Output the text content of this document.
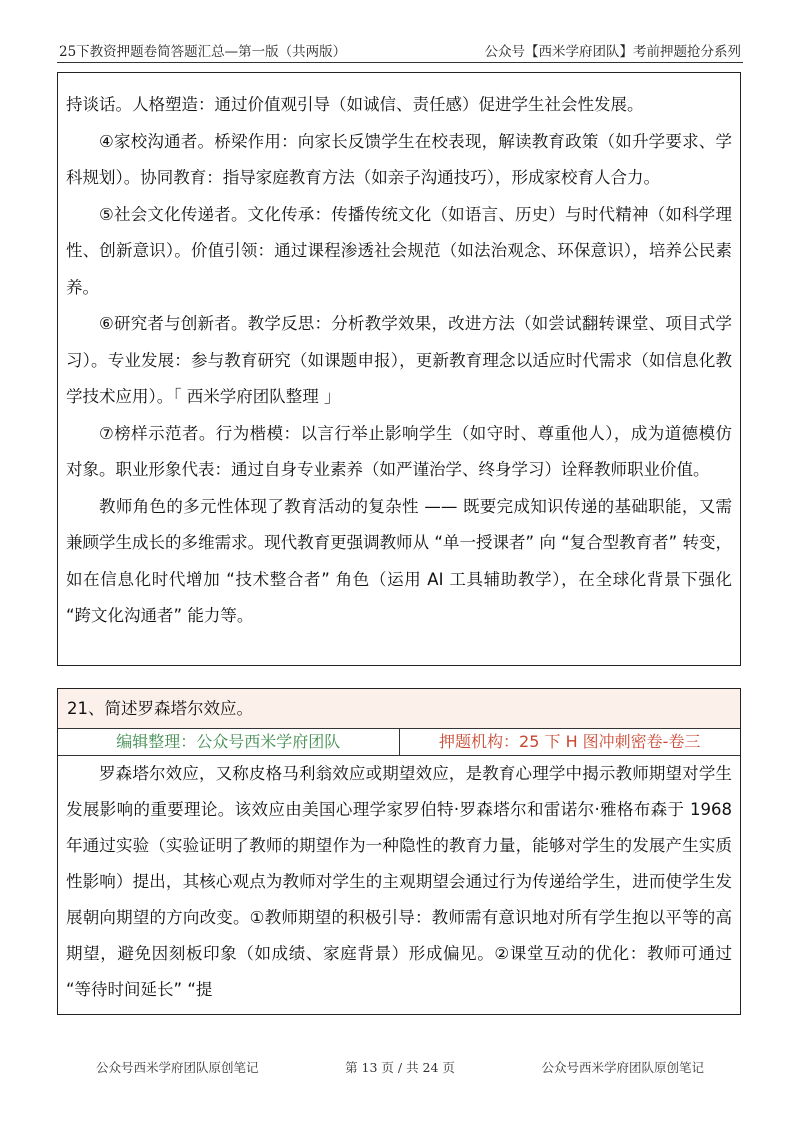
25下教资押题卷简答题汇总—第一版（共两版）	公众号【西米学府团队】考前押题抢分系列

持谈话。人格塑造：通过价值观引导（如诚信、责任感）促进学生社会性发展。

④家校沟通者。桥梁作用：向家长反馈学生在校表现，解读教育政策（如升学要求、学科规划）。协同教育：指导家庭教育方法（如亲子沟通技巧），形成家校育人合力。

⑤社会文化传递者。文化传承：传播传统文化（如语言、历史）与时代精神（如科学理性、创新意识）。价值引领：通过课程渗透社会规范（如法治观念、环保意识），培养公民素养。

⑥研究者与创新者。教学反思：分析教学效果，改进方法（如尝试翻转课堂、项目式学习）。专业发展：参与教育研究（如课题申报），更新教育理念以适应时代需求（如信息化教学技术应用）。「 西米学府团队整理 」

⑦榜样示范者。行为楷模：以言行举止影响学生（如守时、尊重他人），成为道德模仿对象。职业形象代表：通过自身专业素养（如严谨治学、终身学习）诠释教师职业价值。

教师角色的多元性体现了教育活动的复杂性 —— 既要完成知识传递的基础职能，又需兼顾学生成长的多维需求。现代教育更强调教师从 “单一授课者” 向 “复合型教育者” 转变，如在信息化时代增加 “技术整合者” 角色（运用 AI 工具辅助教学），在全球化背景下强化 “跨文化沟通者” 能力等。

21、简述罗森塔尔效应。
编辑整理：公众号西米学府团队	押题机构：25 下 H 图冲刺密卷-卷三

罗森塔尔效应，又称皮格马利翁效应或期望效应，是教育心理学中揭示教师期望对学生发展影响的重要理论。该效应由美国心理学家罗伯特·罗森塔尔和雷诺尔·雅格布森于 1968 年通过实验（实验证明了教师的期望作为一种隐性的教育力量，能够对学生的发展产生实质性影响）提出，其核心观点为教师对学生的主观期望会通过行为传递给学生，进而使学生发展朝向期望的方向改变。①教师期望的积极引导：教师需有意识地对所有学生抱以平等的高期望，避免因刻板印象（如成绩、家庭背景）形成偏见。②课堂互动的优化：教师可通过 “等待时间延长” “提

公众号西米学府团队原创笔记	第 13 页 / 共 24 页	公众号西米学府团队原创笔记
